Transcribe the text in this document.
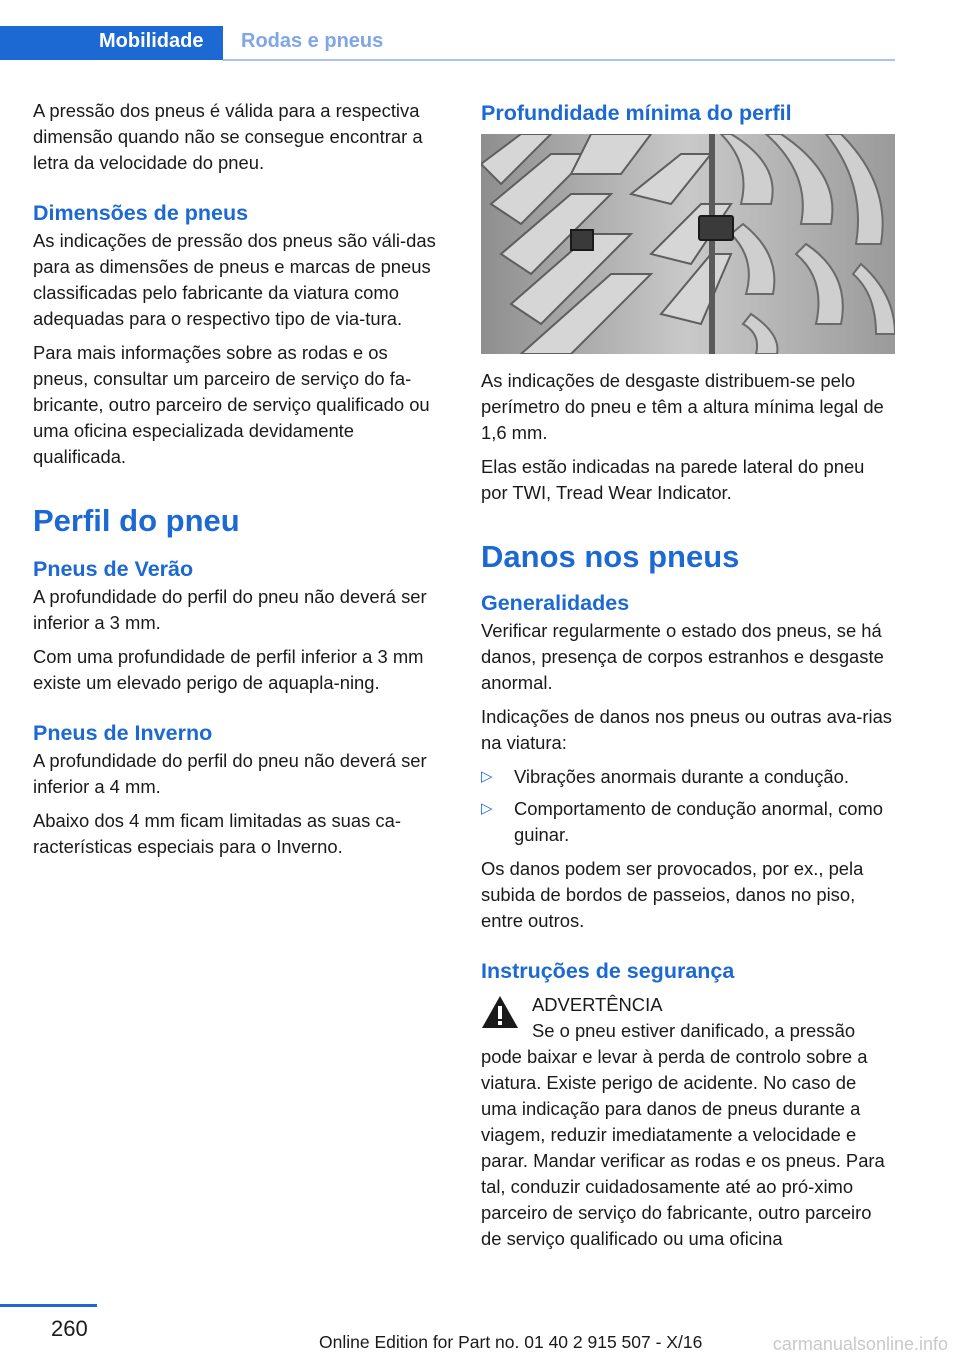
Mobilidade Rodas e pneus

A pressão dos pneus é válida para a respectiva dimensão quando não se consegue encontrar a letra da velocidade do pneu.

Dimensões de pneus

As indicações de pressão dos pneus são váli‐das para as dimensões de pneus e marcas de pneus classificadas pelo fabricante da viatura como adequadas para o respectivo tipo de via‐tura.

Para mais informações sobre as rodas e os pneus, consultar um parceiro de serviço do fa‐bricante, outro parceiro de serviço qualificado ou uma oficina especializada devidamente qualificada.

Perfil do pneu
Pneus de Verão

A profundidade do perfil do pneu não deverá ser inferior a 3 mm.

Com uma profundidade de perfil inferior a 3 mm existe um elevado perigo de aquapla‐ning.

Pneus de Inverno

A profundidade do perfil do pneu não deverá ser inferior a 4 mm.

Abaixo dos 4 mm ficam limitadas as suas ca‐racterísticas especiais para o Inverno.

Profundidade mínima do perfil

As indicações de desgaste distribuem-se pelo perímetro do pneu e têm a altura mínima legal de 1,6 mm.

Elas estão indicadas na parede lateral do pneu por TWI, Tread Wear Indicator.

Danos nos pneus
Generalidades

Verificar regularmente o estado dos pneus, se há danos, presença de corpos estranhos e desgaste anormal.

Indicações de danos nos pneus ou outras ava‐rias na viatura:

▷ Vibrações anormais durante a condução.
▷ Comportamento de condução anormal, como guinar.

Os danos podem ser provocados, por ex., pela subida de bordos de passeios, danos no piso, entre outros.

Instruções de segurança
ADVERTÊNCIA
Se o pneu estiver danificado, a pressão
pode baixar e levar à perda de controlo sobre a viatura. Existe perigo de acidente. No caso de uma indicação para danos de pneus durante a viagem, reduzir imediatamente a velocidade e parar. Mandar verificar as rodas e os pneus. Para tal, conduzir cuidadosamente até ao pró‐ximo parceiro de serviço do fabricante, outro parceiro de serviço qualificado ou uma oficina
260
Online Edition for Part no. 01 40 2 915 507 - X/16	carmanualsonline.info
